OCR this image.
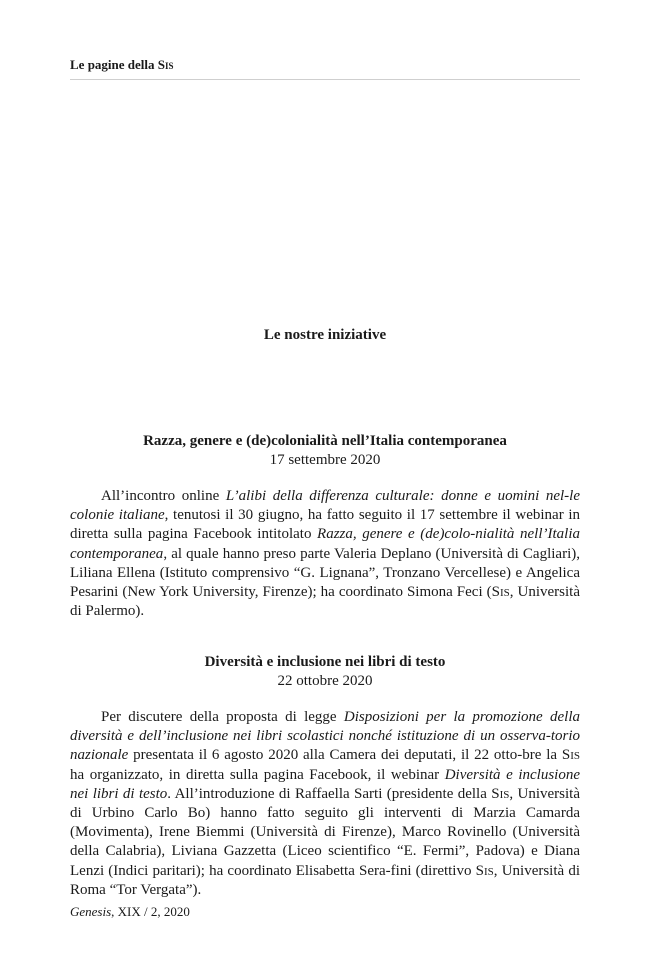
Le pagine della Sis
Le nostre iniziative
Razza, genere e (de)colonialità nell’Italia contemporanea
17 settembre 2020

All’incontro online L’alibi della differenza culturale: donne e uomini nel-le colonie italiane, tenutosi il 30 giugno, ha fatto seguito il 17 settembre il webinar in diretta sulla pagina Facebook intitolato Razza, genere e (de)colo-nialità nell’Italia contemporanea, al quale hanno preso parte Valeria Deplano (Università di Cagliari), Liliana Ellena (Istituto comprensivo “G. Lignana”, Tronzano Vercellese) e Angelica Pesarini (New York University, Firenze); ha coordinato Simona Feci (Sis, Università di Palermo).

Diversità e inclusione nei libri di testo
22 ottobre 2020

Per discutere della proposta di legge Disposizioni per la promozione della diversità e dell’inclusione nei libri scolastici nonché istituzione di un osserva-torio nazionale presentata il 6 agosto 2020 alla Camera dei deputati, il 22 otto-bre la Sis ha organizzato, in diretta sulla pagina Facebook, il webinar Diversità e inclusione nei libri di testo. All’introduzione di Raffaella Sarti (presidente della Sis, Università di Urbino Carlo Bo) hanno fatto seguito gli interventi di Marzia Camarda (Movimenta), Irene Biemmi (Università di Firenze), Marco Rovinello (Università della Calabria), Liviana Gazzetta (Liceo scientifico “E. Fermi”, Padova) e Diana Lenzi (Indici paritari); ha coordinato Elisabetta Sera-fini (direttivo Sis, Università di Roma “Tor Vergata”).

Genesis, XIX / 2, 2020
